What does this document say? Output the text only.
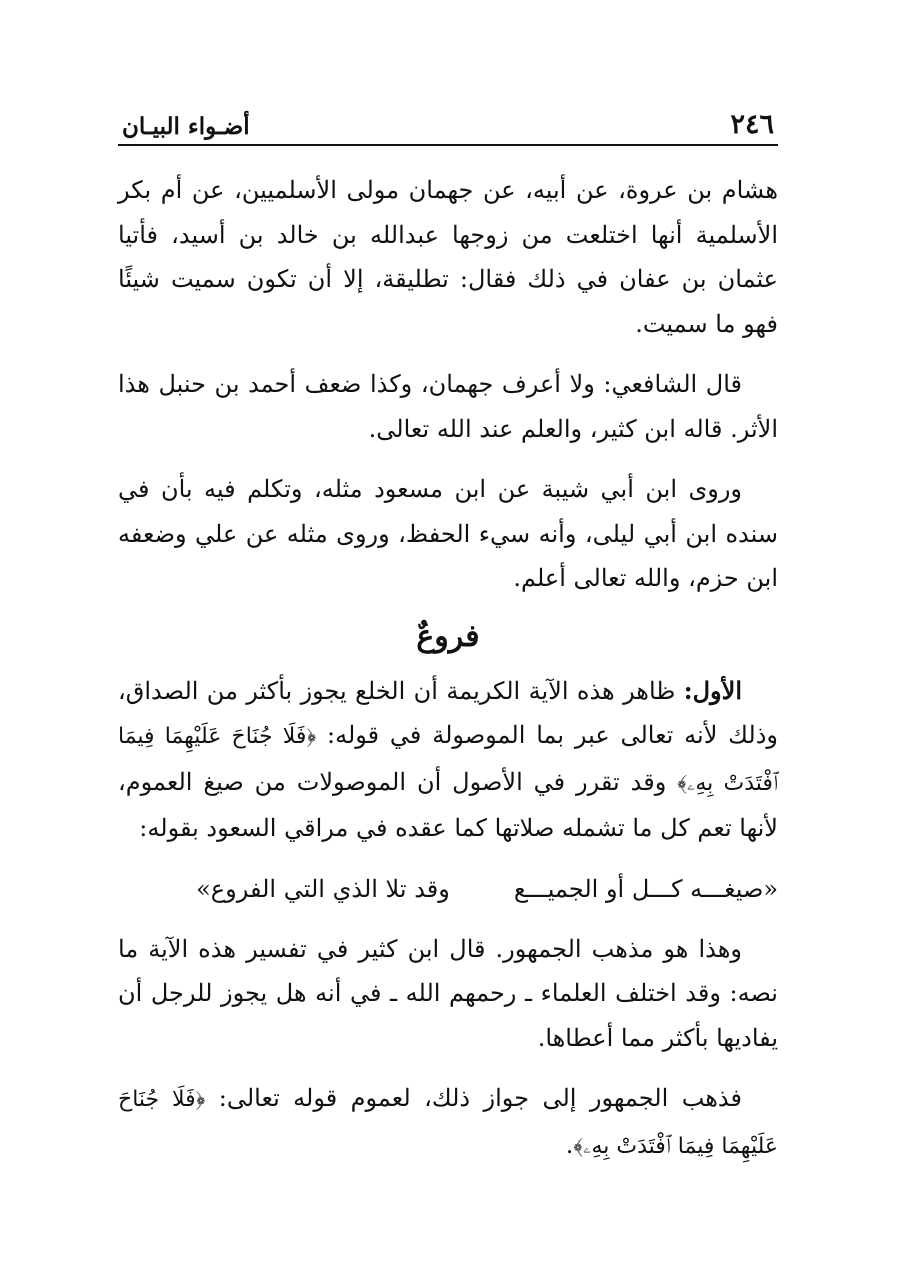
٢٤٦
أضـواء البيـان

هشام بن عروة، عن أبيه، عن جهمان مولى الأسلميين، عن أم بكر الأسلمية أنها اختلعت من زوجها عبدالله بن خالد بن أسيد، فأتيا عثمان بن عفان في ذلك فقال: تطليقة، إلا أن تكون سميت شيئًا فهو ما سميت.

قال الشافعي: ولا أعرف جهمان، وكذا ضعف أحمد بن حنبل هذا الأثر. قاله ابن كثير، والعلم عند الله تعالى.

وروى ابن أبي شيبة عن ابن مسعود مثله، وتكلم فيه بأن في سنده ابن أبي ليلى، وأنه سيء الحفظ، وروى مثله عن علي وضعفه ابن حزم، والله تعالى أعلم.

فروعٌ

الأول: ظاهر هذه الآية الكريمة أن الخلع يجوز بأكثر من الصداق، وذلك لأنه تعالى عبر بما الموصولة في قوله: ﴿فَلَا جُنَاحَ عَلَيْهِمَا فِيمَا ٱفْتَدَتْ بِهِۦ﴾ وقد تقرر في الأصول أن الموصولات من صيغ العموم، لأنها تعم كل ما تشمله صلاتها كما عقده في مراقي السعود بقوله:

«صيغـــه كـــل أو الجميـــع
وقد تلا الذي التي الفروع»

وهذا هو مذهب الجمهور. قال ابن كثير في تفسير هذه الآية ما نصه: وقد اختلف العلماء ـ رحمهم الله ـ في أنه هل يجوز للرجل أن يفاديها بأكثر مما أعطاها.

فذهب الجمهور إلى جواز ذلك، لعموم قوله تعالى: ﴿فَلَا جُنَاحَ عَلَيْهِمَا فِيمَا ٱفْتَدَتْ بِهِۦ﴾.
